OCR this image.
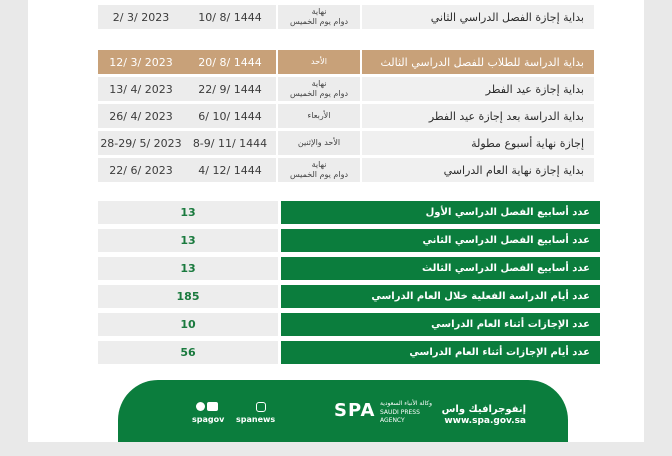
2/ 3/ 2023	10/ 8/ 1444	نهاية
دوام يوم الخميس	بداية إجازة الفصل الدراسي الثاني
12/ 3/ 2023	20/ 8/ 1444	الأحد	بداية الدراسة للطلاب للفصل الدراسي الثالث
13/ 4/ 2023	22/ 9/ 1444	نهاية
دوام يوم الخميس	بداية إجازة عيد الفطر
26/ 4/ 2023	6/ 10/ 1444	الأربعاء	بداية الدراسة بعد إجازة عيد الفطر
28-29/ 5/ 2023	8-9/ 11/ 1444	الأحد والإثنين	إجازة نهاية أسبوع مطولة
22/ 6/ 2023	4/ 12/ 1444	نهاية
دوام يوم الخميس	بداية إجازة نهاية العام الدراسي
13	عدد أسابيع الفصل الدراسي الأول
13	عدد أسابيع الفصل الدراسي الثاني
13	عدد أسابيع الفصل الدراسي الثالث
185	عدد أيام الدراسة الفعلية خلال العام الدراسي
10	عدد الإجازات أثناء العام الدراسي
56	عدد أيام الإجازات أثناء العام الدراسي
إنفوجرافيك واس
www.spa.gov.sa
SPA وكالة الأنباء السعودية
SAUDI PRESS
AGENCY
spagov spanews
